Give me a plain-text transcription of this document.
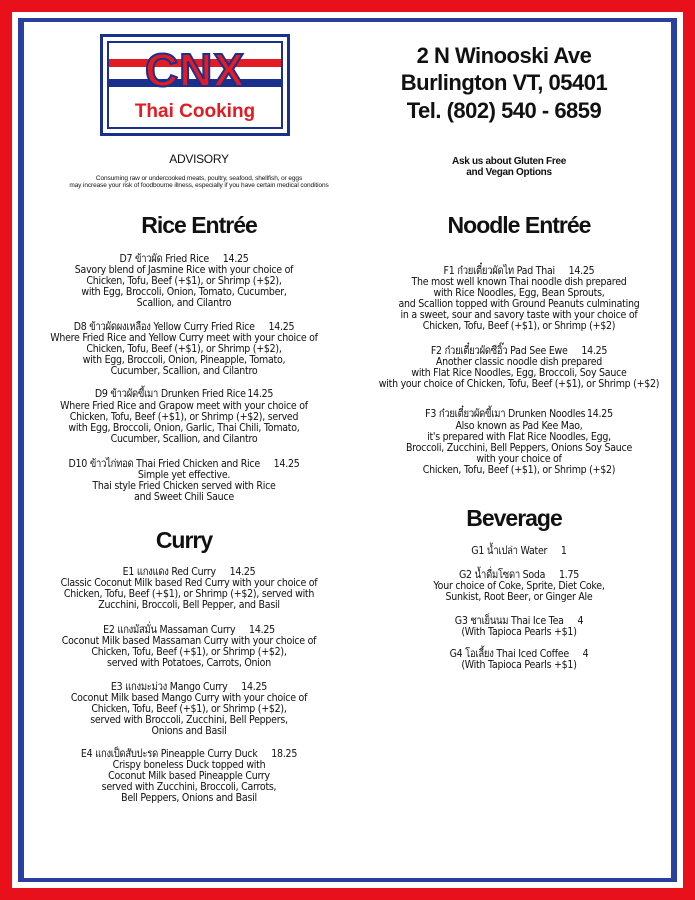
CNX
Thai Cooking
2 N Winooski Ave
Burlington VT, 05401
Tel. (802) 540 - 6859
ADVISORY
Consuming raw or undercooked meats, poultry, seafood, shellfish, or eggs
may increase your risk of foodbourne illness, especially if you have certain medical conditions
Ask us about Gluten Free
and Vegan Options
Rice Entrée	Noodle Entrée
Curry
Beverage
D7 ข้าวผัด Fried Rice 14.25
Savory blend of Jasmine Rice with your choice of
Chicken, Tofu, Beef (+$1), or Shrimp (+$2),
with Egg, Broccoli, Onion, Tomato, Cucumber,
Scallion, and Cilantro
D8 ข้าวผัดผงเหลือง Yellow Curry Fried Rice 14.25
Where Fried Rice and Yellow Curry meet with your choice of
Chicken, Tofu, Beef (+$1), or Shrimp (+$2),
with Egg, Broccoli, Onion, Pineapple, Tomato,
Cucumber, Scallion, and Cilantro
D9 ข้าวผัดขี้เมา Drunken Fried Rice 14.25
Where Fried Rice and Grapow meet with your choice of
Chicken, Tofu, Beef (+$1), or Shrimp (+$2), served
with Egg, Broccoli, Onion, Garlic, Thai Chili, Tomato,
Cucumber, Scallion, and Cilantro
D10 ข้าวไก่ทอด Thai Fried Chicken and Rice 14.25
Simple yet effective.
Thai style Fried Chicken served with Rice
and Sweet Chili Sauce
E1 แกงแดง Red Curry 14.25
Classic Coconut Milk based Red Curry with your choice of
Chicken, Tofu, Beef (+$1), or Shrimp (+$2), served with
Zucchini, Broccoli, Bell Pepper, and Basil
E2 แกงมัสมั่น Massaman Curry 14.25
Coconut Milk based Massaman Curry with your choice of
Chicken, Tofu, Beef (+$1), or Shrimp (+$2),
served with Potatoes, Carrots, Onion
E3 แกงมะม่วง Mango Curry 14.25
Coconut Milk based Mango Curry with your choice of
Chicken, Tofu, Beef (+$1), or Shrimp (+$2),
served with Broccoli, Zucchini, Bell Peppers,
Onions and Basil
E4 แกงเป็ดสับปะรด Pineapple Curry Duck 18.25
Crispy boneless Duck topped with
Coconut Milk based Pineapple Curry
served with Zucchini, Broccoli, Carrots,
Bell Peppers, Onions and Basil
F1 ก๋วยเตี๋ยวผัดไท Pad Thai 14.25
The most well known Thai noodle dish prepared
with Rice Noodles, Egg, Bean Sprouts,
and Scallion topped with Ground Peanuts culminating
in a sweet, sour and savory taste with your choice of
Chicken, Tofu, Beef (+$1), or Shrimp (+$2)
F2 ก๋วยเตี๋ยวผัดซีอิ๊ว Pad See Ewe 14.25
Another classic noodle dish prepared
with Flat Rice Noodles, Egg, Broccoli, Soy Sauce
with your choice of Chicken, Tofu, Beef (+$1), or Shrimp (+$2)
F3 ก๋วยเตี๋ยวผัดขี้เมา Drunken Noodles 14.25
Also known as Pad Kee Mao,
it's prepared with Flat Rice Noodles, Egg,
Broccoli, Zucchini, Bell Peppers, Onions Soy Sauce
with your choice of
Chicken, Tofu, Beef (+$1), or Shrimp (+$2)
G1 น้ำเปล่า Water 1
G2 น้ำดื่มโซดา Soda 1.75
Your choice of Coke, Sprite, Diet Coke,
Sunkist, Root Beer, or Ginger Ale
G3 ชาเย็นนม Thai Ice Tea 4
(With Tapioca Pearls +$1)
G4 โอเลี้ยง Thai Iced Coffee 4
(With Tapioca Pearls +$1)
